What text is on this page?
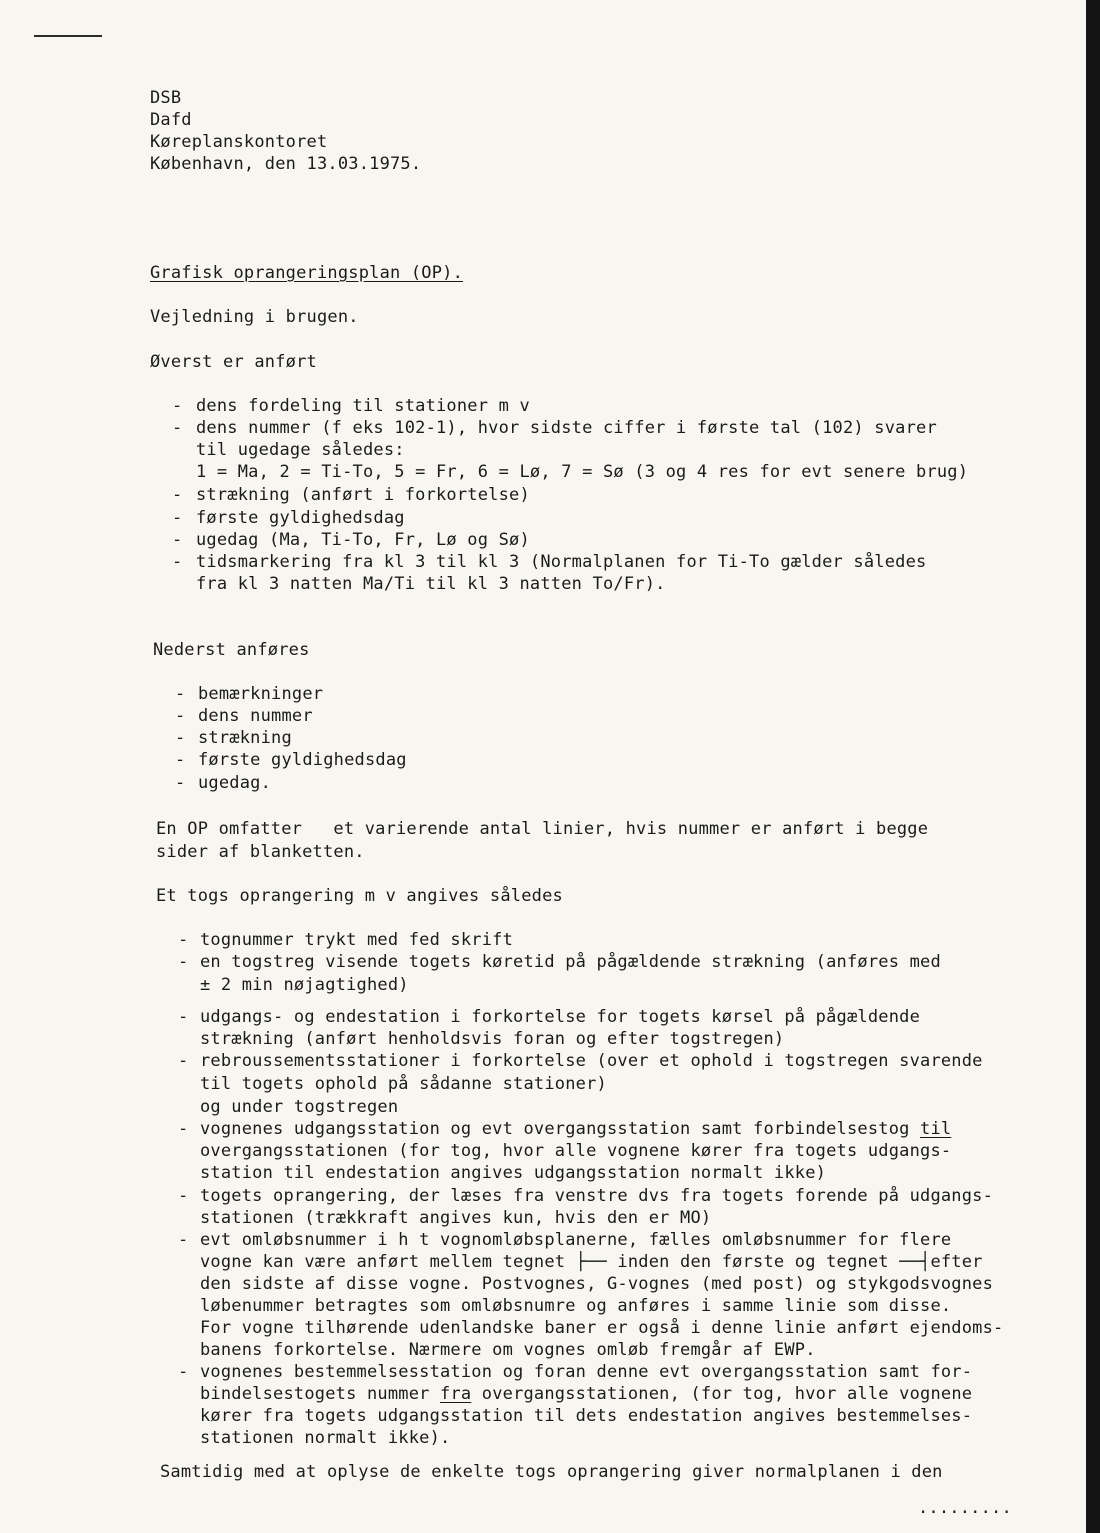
DSB
Dafd
Køreplanskontoret
København, den 13.03.1975.
Grafisk oprangeringsplan (OP).
Vejledning i brugen.
Øverst er anført
- dens fordeling til stationer m v
- dens nummer (f eks 102-1), hvor sidste ciffer i første tal (102) svarer
til ugedage således:
1 = Ma, 2 = Ti-To, 5 = Fr, 6 = Lø, 7 = Sø (3 og 4 res for evt senere brug)
- strækning (anført i forkortelse)
- første gyldighedsdag
- ugedag (Ma, Ti-To, Fr, Lø og Sø)
- tidsmarkering fra kl 3 til kl 3 (Normalplanen for Ti-To gælder således
fra kl 3 natten Ma/Ti til kl 3 natten To/Fr).
Nederst anføres
- bemærkninger
- dens nummer
- strækning
- første gyldighedsdag
- ugedag.
En OP omfatter   et varierende antal linier, hvis nummer er anført i begge
sider af blanketten.
Et togs oprangering m v angives således
- tognummer trykt med fed skrift
- en togstreg visende togets køretid på pågældende strækning (anføres med
± 2 min nøjagtighed)
- udgangs- og endestation i forkortelse for togets kørsel på pågældende
strækning (anført henholdsvis foran og efter togstregen)
- rebroussementsstationer i forkortelse (over et ophold i togstregen svarende
til togets ophold på sådanne stationer)
og under togstregen
- vognenes udgangsstation og evt overgangsstation samt forbindelsestog til
overgangsstationen (for tog, hvor alle vognene kører fra togets udgangs-
station til endestation angives udgangsstation normalt ikke)
- togets oprangering, der læses fra venstre dvs fra togets forende på udgangs-
stationen (trækkraft angives kun, hvis den er MO)
- evt omløbsnummer i h t vognomløbsplanerne, fælles omløbsnummer for flere
vogne kan være anført mellem tegnet ├── inden den første og tegnet ──┤efter
den sidste af disse vogne. Postvognes, G-vognes (med post) og stykgodsvognes
løbenummer betragtes som omløbsnumre og anføres i samme linie som disse.
For vogne tilhørende udenlandske baner er også i denne linie anført ejendoms-
banens forkortelse. Nærmere om vognes omløb fremgår af EWP.
- vognenes bestemmelsesstation og foran denne evt overgangsstation samt for-
bindelsestogets nummer fra overgangsstationen, (for tog, hvor alle vognene
kører fra togets udgangsstation til dets endestation angives bestemmelses-
stationen normalt ikke).
Samtidig med at oplyse de enkelte togs oprangering giver normalplanen i den
.........
